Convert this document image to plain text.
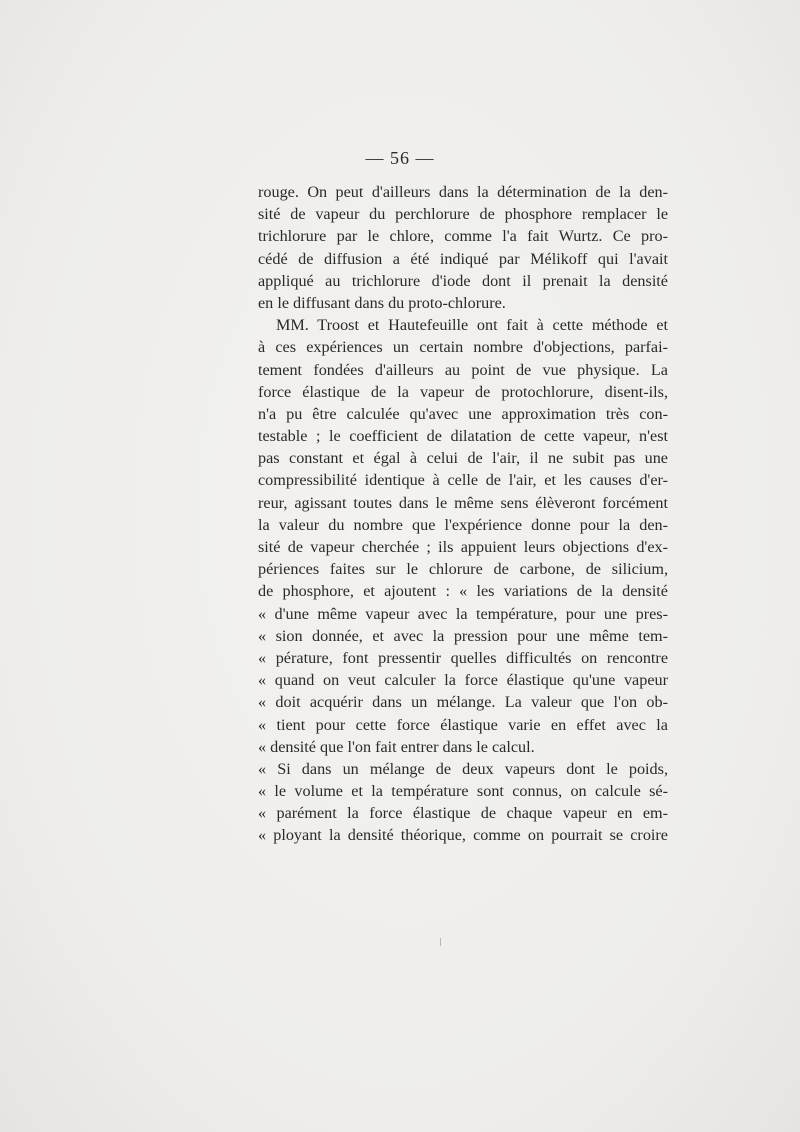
— 56 —
rouge. On peut d'ailleurs dans la détermination de la den-
sité de vapeur du perchlorure de phosphore remplacer le
trichlorure par le chlore, comme l'a fait Wurtz. Ce pro-
cédé de diffusion a été indiqué par Mélikoff qui l'avait
appliqué au trichlorure d'iode dont il prenait la densité
en le diffusant dans du proto-chlorure.
MM. Troost et Hautefeuille ont fait à cette méthode et
à ces expériences un certain nombre d'objections, parfai-
tement fondées d'ailleurs au point de vue physique. La
force élastique de la vapeur de protochlorure, disent-ils,
n'a pu être calculée qu'avec une approximation très con-
testable ; le coefficient de dilatation de cette vapeur, n'est
pas constant et égal à celui de l'air, il ne subit pas une
compressibilité identique à celle de l'air, et les causes d'er-
reur, agissant toutes dans le même sens élèveront forcément
la valeur du nombre que l'expérience donne pour la den-
sité de vapeur cherchée ; ils appuient leurs objections d'ex-
périences faites sur le chlorure de carbone, de silicium,
de phosphore, et ajoutent : « les variations de la densité
« d'une même vapeur avec la température, pour une pres-
« sion donnée, et avec la pression pour une même tem-
« pérature, font pressentir quelles difficultés on rencontre
« quand on veut calculer la force élastique qu'une vapeur
« doit acquérir dans un mélange. La valeur que l'on ob-
« tient pour cette force élastique varie en effet avec la
« densité que l'on fait entrer dans le calcul.
« Si dans un mélange de deux vapeurs dont le poids,
« le volume et la température sont connus, on calcule sé-
« parément la force élastique de chaque vapeur en em-
« ployant la densité théorique, comme on pourrait se croire
